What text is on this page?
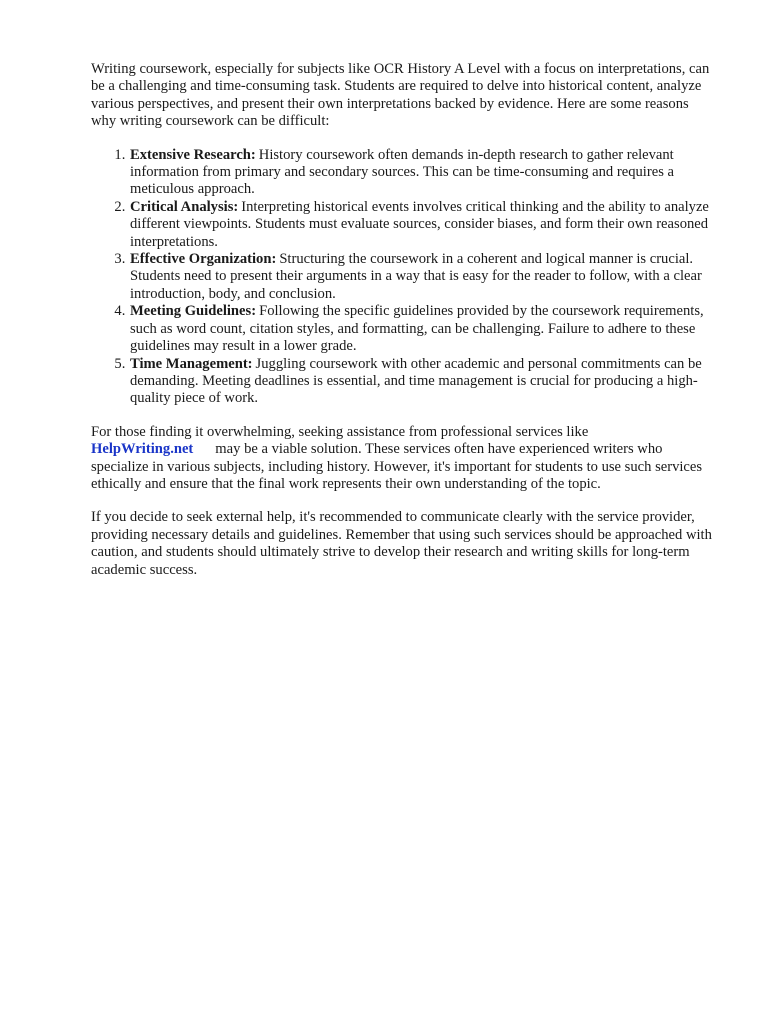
Writing coursework, especially for subjects like OCR History A Level with a focus on interpretations, can be a challenging and time-consuming task. Students are required to delve into historical content, analyze various perspectives, and present their own interpretations backed by evidence. Here are some reasons why writing coursework can be difficult:

1. Extensive Research: History coursework often demands in-depth research to gather relevant information from primary and secondary sources. This can be time-consuming and requires a meticulous approach.
2. Critical Analysis: Interpreting historical events involves critical thinking and the ability to analyze different viewpoints. Students must evaluate sources, consider biases, and form their own reasoned interpretations.
3. Effective Organization: Structuring the coursework in a coherent and logical manner is crucial. Students need to present their arguments in a way that is easy for the reader to follow, with a clear introduction, body, and conclusion.
4. Meeting Guidelines: Following the specific guidelines provided by the coursework requirements, such as word count, citation styles, and formatting, can be challenging. Failure to adhere to these guidelines may result in a lower grade.
5. Time Management: Juggling coursework with other academic and personal commitments can be demanding. Meeting deadlines is essential, and time management is crucial for producing a high-quality piece of work.

For those finding it overwhelming, seeking assistance from professional services like
HelpWriting.net may be a viable solution. These services often have experienced writers who specialize in various subjects, including history. However, it's important for students to use such services ethically and ensure that the final work represents their own understanding of the topic.

If you decide to seek external help, it's recommended to communicate clearly with the service provider, providing necessary details and guidelines. Remember that using such services should be approached with caution, and students should ultimately strive to develop their research and writing skills for long-term academic success.
